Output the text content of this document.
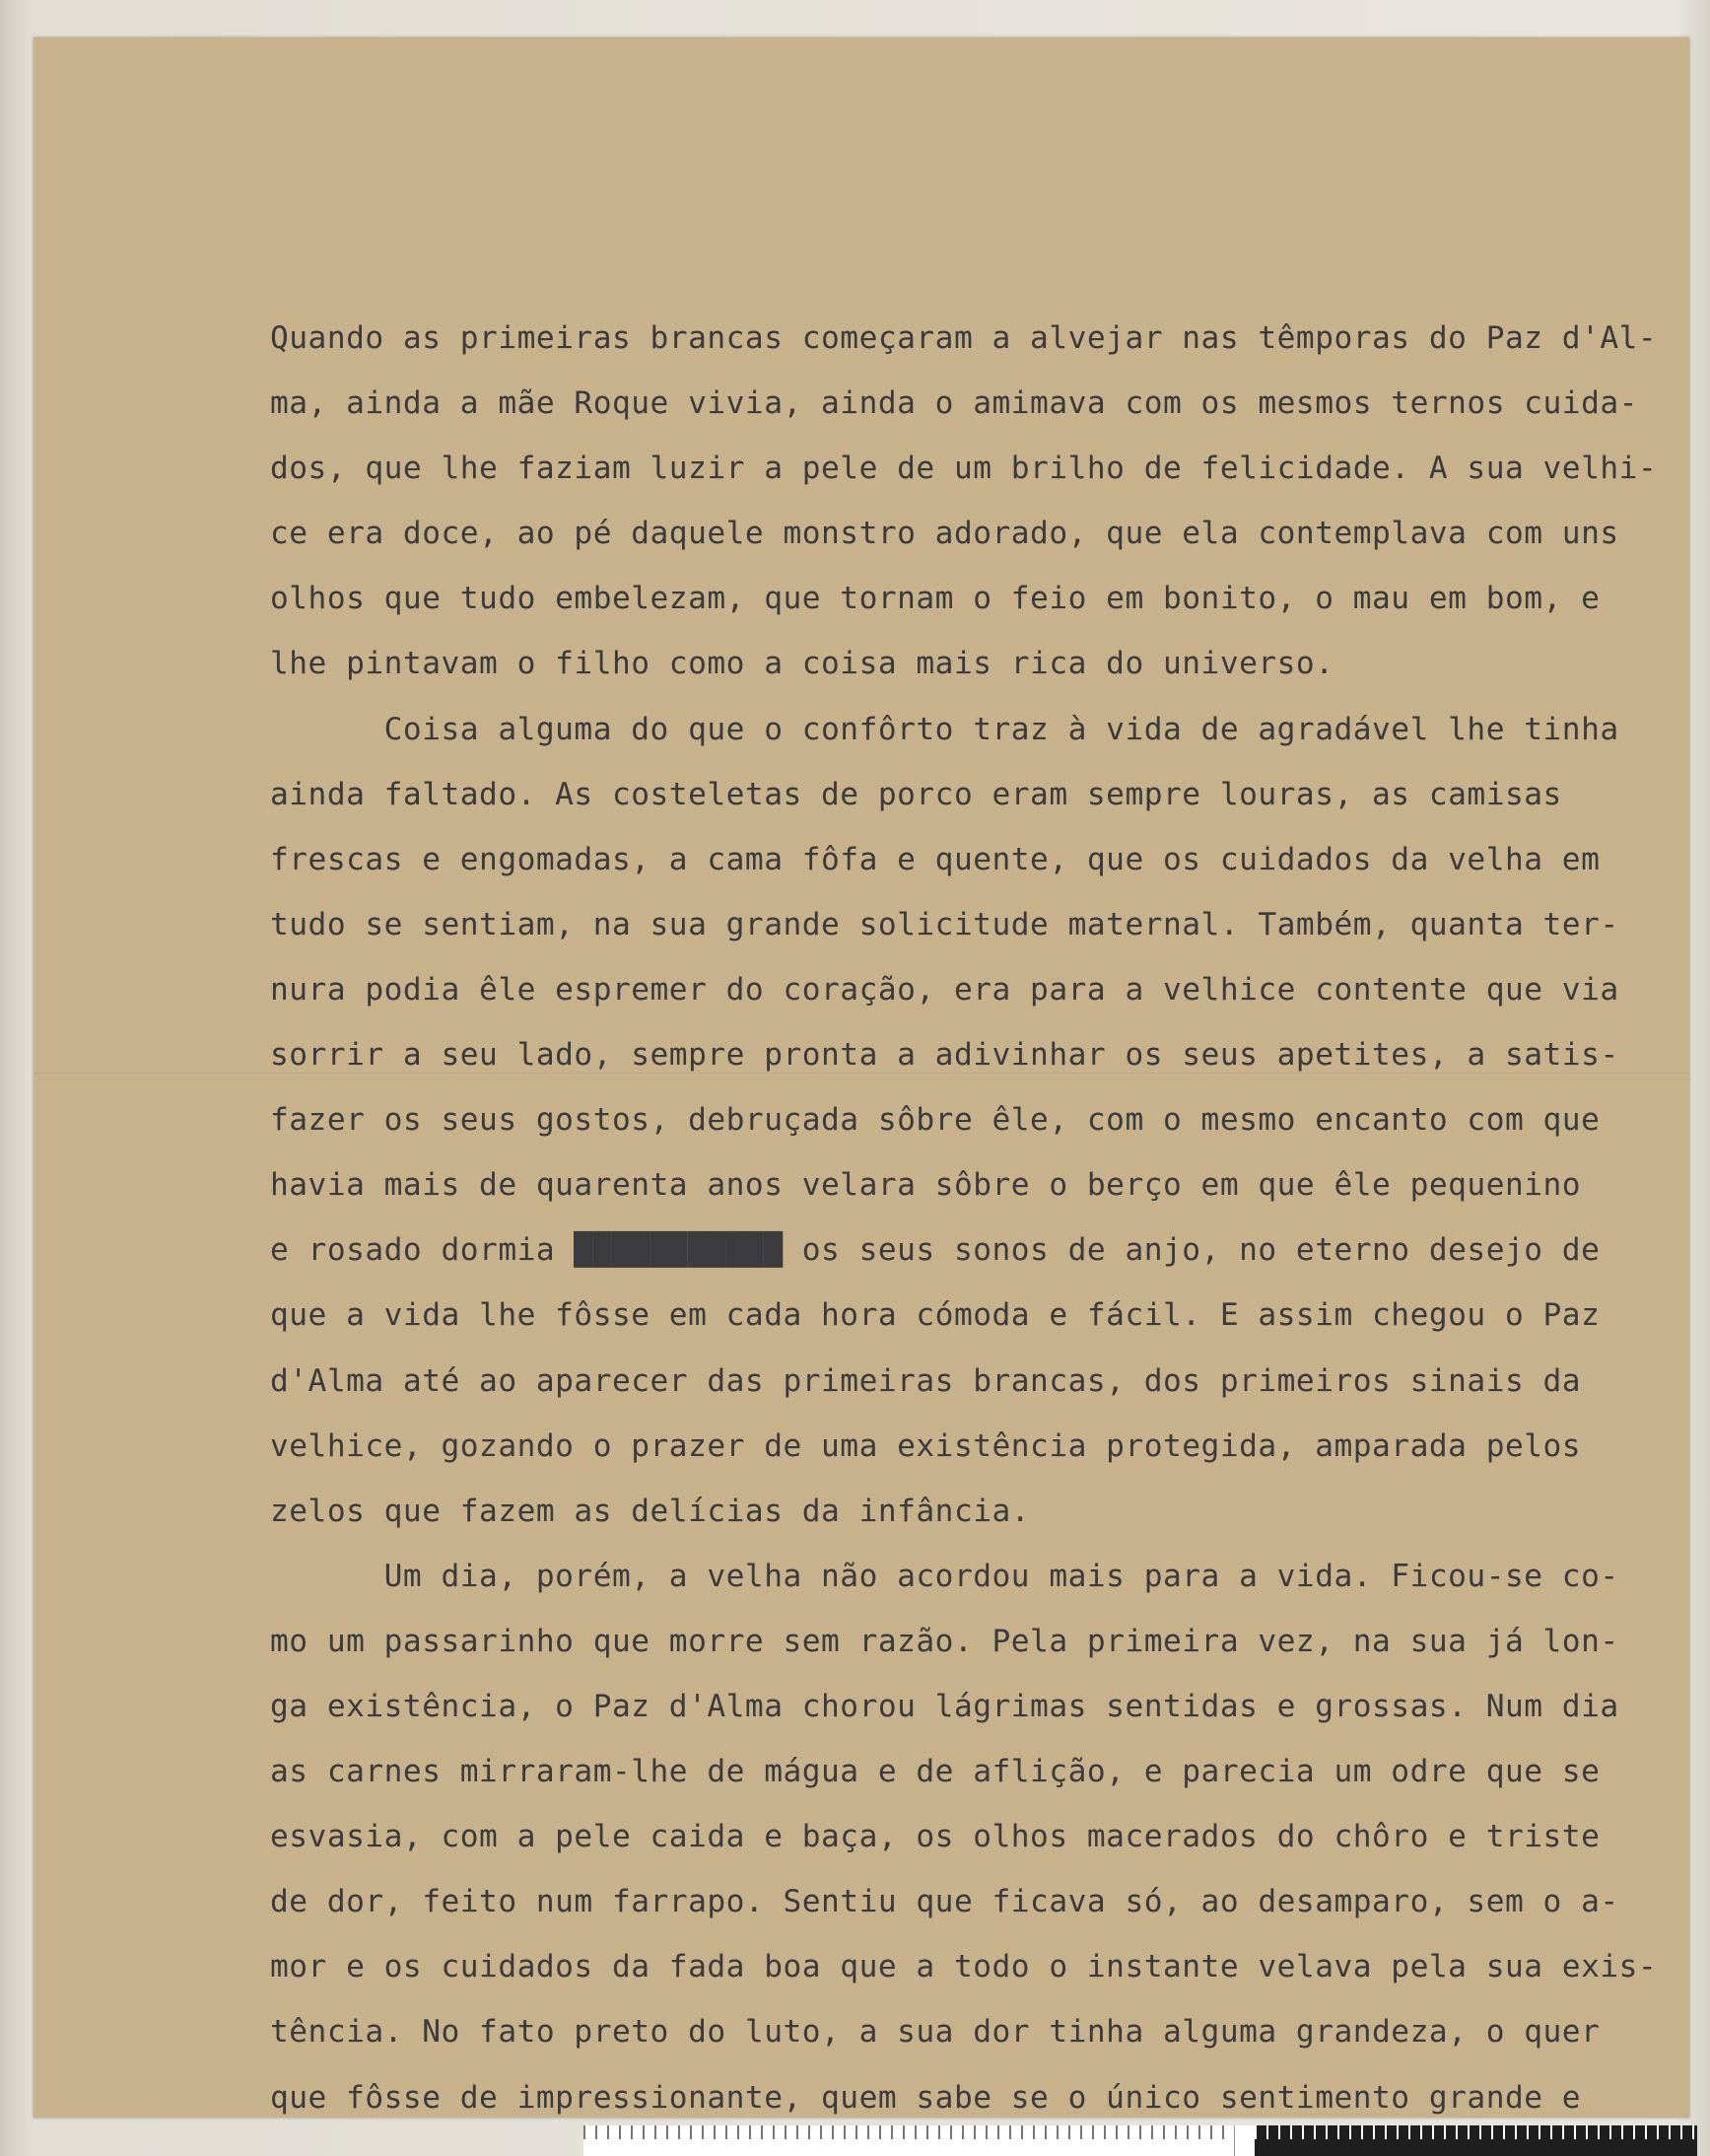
Quando as primeiras brancas começaram a alvejar nas têmporas do Paz d'Al-
ma, ainda a mãe Roque vivia, ainda o amimava com os mesmos ternos cuida-
dos, que lhe faziam luzir a pele de um brilho de felicidade. A sua velhi-
ce era doce, ao pé daquele monstro adorado, que ela contemplava com uns
olhos que tudo embelezam, que tornam o feio em bonito, o mau em bom, e
lhe pintavam o filho como a coisa mais rica do universo.
Coisa alguma do que o confôrto traz à vida de agradável lhe tinha
ainda faltado. As costeletas de porco eram sempre louras, as camisas
frescas e engomadas, a cama fôfa e quente, que os cuidados da velha em
tudo se sentiam, na sua grande solicitude maternal. Também, quanta ter-
nura podia êle espremer do coração, era para a velhice contente que via
sorrir a seu lado, sempre pronta a adivinhar os seus apetites, a satis-
fazer os seus gostos, debruçada sôbre êle, com o mesmo encanto com que
havia mais de quarenta anos velara sôbre o berço em que êle pequenino
e rosado dormia ███████████ os seus sonos de anjo, no eterno desejo de
que a vida lhe fôsse em cada hora cómoda e fácil. E assim chegou o Paz
d'Alma até ao aparecer das primeiras brancas, dos primeiros sinais da
velhice, gozando o prazer de uma existência protegida, amparada pelos
zelos que fazem as delícias da infância.
Um dia, porém, a velha não acordou mais para a vida. Ficou-se co-
mo um passarinho que morre sem razão. Pela primeira vez, na sua já lon-
ga existência, o Paz d'Alma chorou lágrimas sentidas e grossas. Num dia
as carnes mirraram-lhe de mágua e de aflição, e parecia um odre que se
esvasia, com a pele caida e baça, os olhos macerados do chôro e triste
de dor, feito num farrapo. Sentiu que ficava só, ao desamparo, sem o a-
mor e os cuidados da fada boa que a todo o instante velava pela sua exis-
tência. No fato preto do luto, a sua dor tinha alguma grandeza, o quer
que fôsse de impressionante, quem sabe se o único sentimento grande e
